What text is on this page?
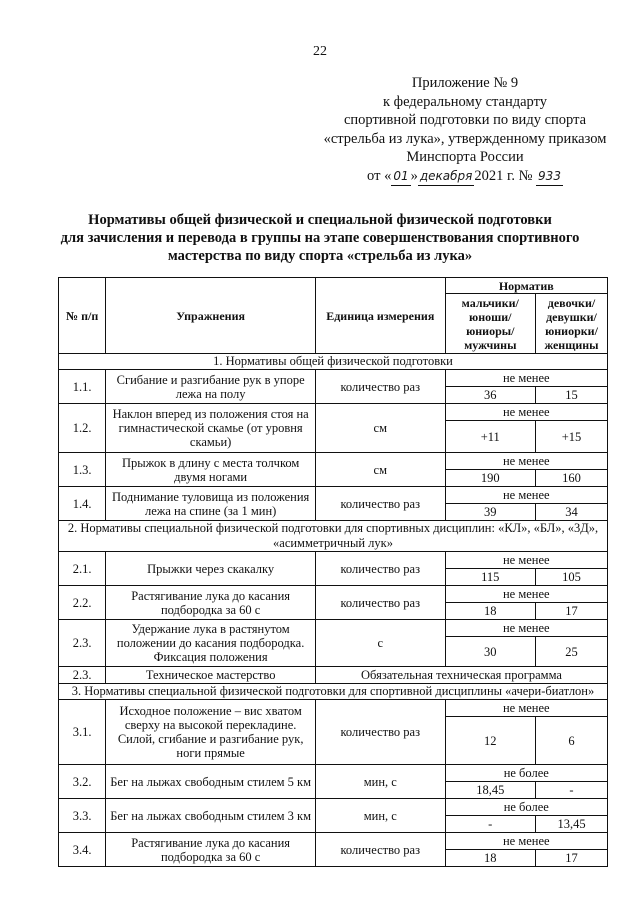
22
Приложение № 9
к федеральному стандарту
спортивной подготовки по виду спорта
«стрельба из лука», утвержденному приказом
Минспорта России
от « 01 » декабря 2021 г. № 933
Нормативы общей физической и специальной физической подготовки
для зачисления и перевода в группы на этапе совершенствования спортивного
мастерства по виду спорта «стрельба из лука»
№ п/п	Упражнения	Единица измерения	Норматив	
			мальчики/ юноши/ юниоры/ мужчины	девочки/ девушки/ юниорки/ женщины
1. Нормативы общей физической подготовки				
1.1.	Сгибание и разгибание рук в упоре лежа на полу	количество раз	не менее	
			36	15
1.2.	Наклон вперед из положения стоя на гимнастической скамье (от уровня скамьи)	см	не менее	
			+11	+15
1.3.	Прыжок в длину с места толчком двумя ногами	см	не менее	
			190	160
1.4.	Поднимание туловища из положения лежа на спине (за 1 мин)	количество раз	не менее	
			39	34
2. Нормативы специальной физической подготовки для спортивных дисциплин: «КЛ», «БЛ», «3Д», «асимметричный лук»				
2.1.	Прыжки через скакалку	количество раз	не менее	
			115	105
2.2.	Растягивание лука до касания подбородка за 60 с	количество раз	не менее	
			18	17
2.3.	Удержание лука в растянутом положении до касания подбородка. Фиксация положения	с	не менее	
			30	25
2.3.	Техническое мастерство	Обязательная техническая программа		
3. Нормативы специальной физической подготовки для спортивной дисциплины «ачери-биатлон»				
3.1.	Исходное положение – вис хватом сверху на высокой перекладине. Силой, сгибание и разгибание рук, ноги прямые	количество раз	не менее	
			12	6
3.2.	Бег на лыжах свободным стилем 5 км	мин, с	не более	
			18,45	-
3.3.	Бег на лыжах свободным стилем 3 км	мин, с	не более	
			-	13,45
3.4.	Растягивание лука до касания подбородка за 60 с	количество раз	не менее	
			18	17
